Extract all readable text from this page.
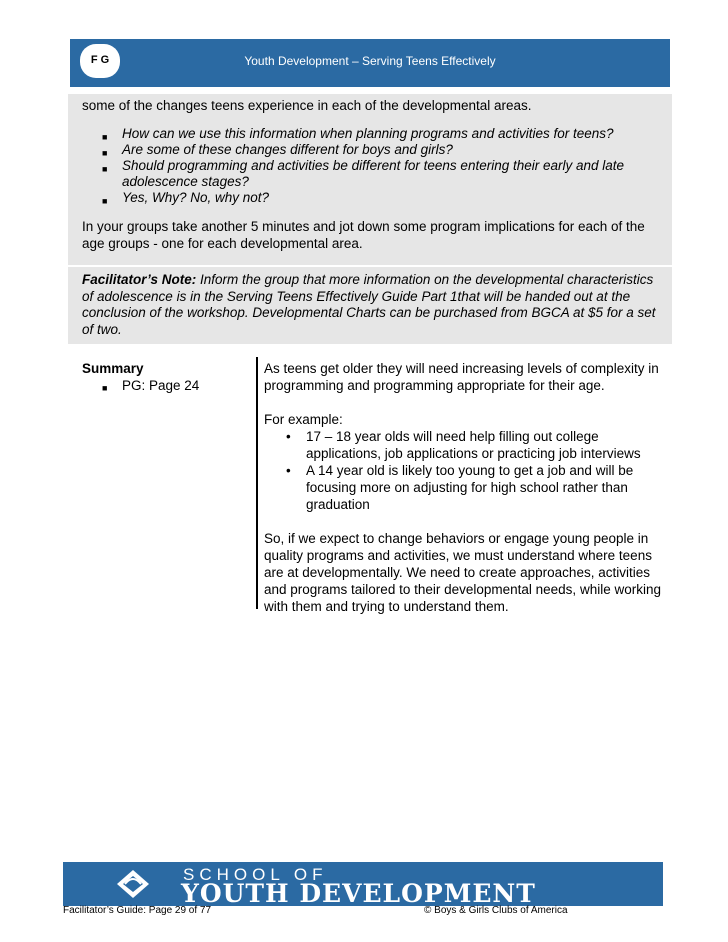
F G	Youth Development – Serving Teens Effectively
some of the changes teens experience in each of the developmental areas.
■ How can we use this information when planning programs and activities for teens?
■ Are some of these changes different for boys and girls?
■ Should programming and activities be different for teens entering their early and late adolescence stages?
■ Yes, Why? No, why not?
In your groups take another 5 minutes and jot down some program implications for each of the age groups - one for each developmental area.
Facilitator’s Note: Inform the group that more information on the developmental characteristics of adolescence is in the Serving Teens Effectively Guide Part 1that will be handed out at the conclusion of the workshop. Developmental Charts can be purchased from BGCA at $5 for a set of two.
Summary
■ PG: Page 24

As teens get older they will need increasing levels of complexity in programming and programming appropriate for their age.

For example:

• 17 – 18 year olds will need help filling out college applications, job applications or practicing job interviews
• A 14 year old is likely too young to get a job and will be focusing more on adjusting for high school rather than graduation

So, if we expect to change behaviors or engage young people in quality programs and activities, we must understand where teens are at developmentally. We need to create approaches, activities and programs tailored to their developmental needs, while working with them and trying to understand them.

SCHOOL OF
YOUTH DEVELOPMENT
Facilitator’s Guide: Page 29 of 77	© Boys & Girls Clubs of America
